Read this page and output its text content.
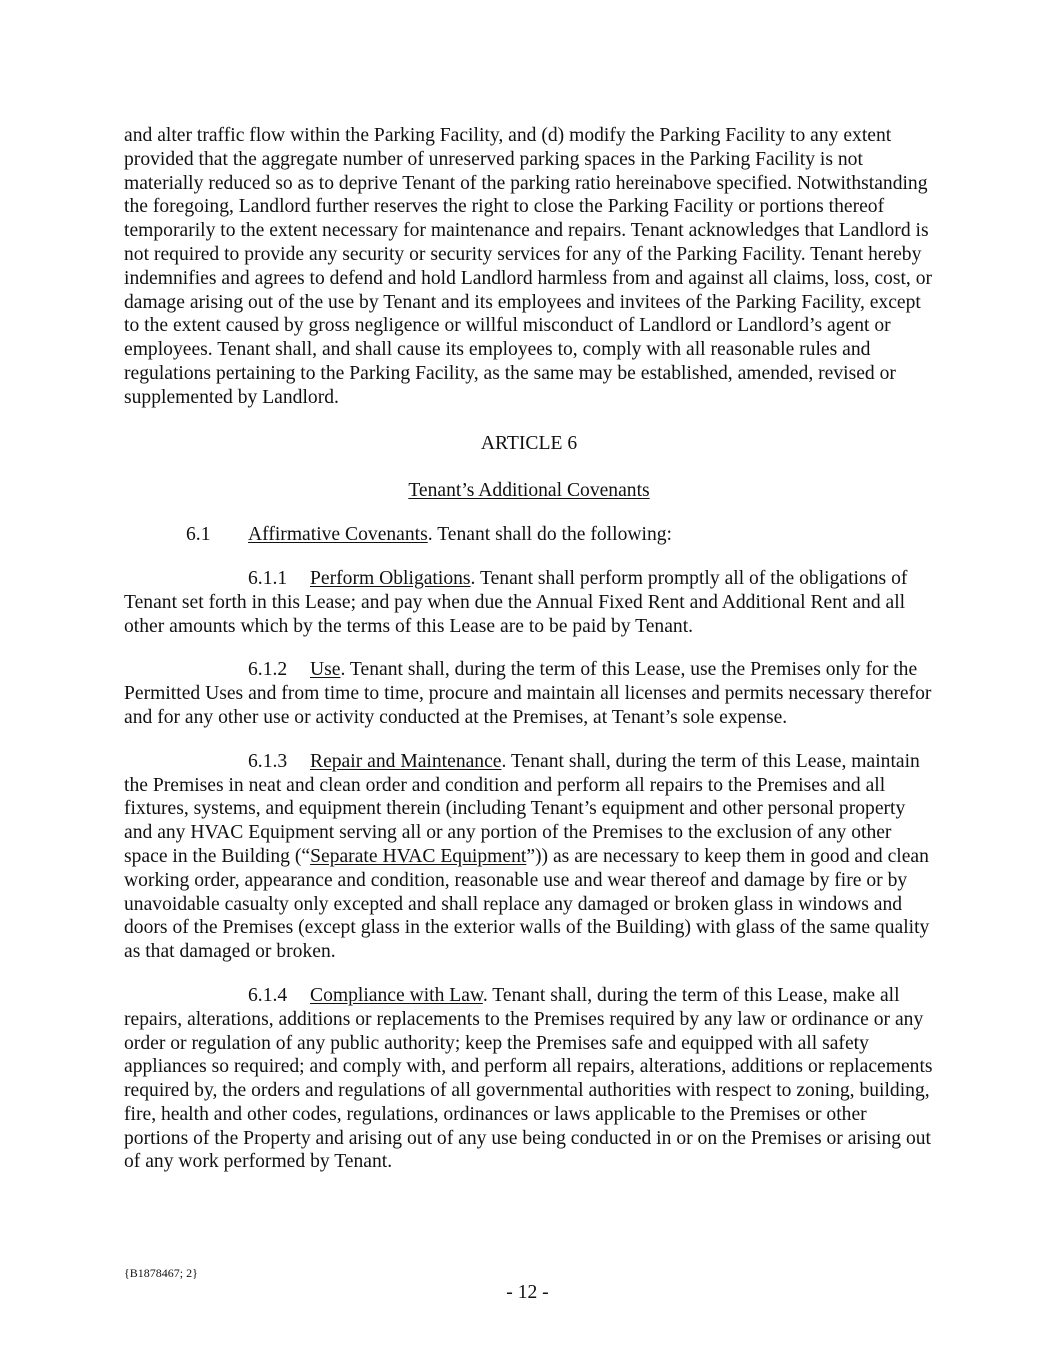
and alter traffic flow within the Parking Facility, and (d) modify the Parking Facility to any extent provided that the aggregate number of unreserved parking spaces in the Parking Facility is not materially reduced so as to deprive Tenant of the parking ratio hereinabove specified. Notwithstanding the foregoing, Landlord further reserves the right to close the Parking Facility or portions thereof temporarily to the extent necessary for maintenance and repairs. Tenant acknowledges that Landlord is not required to provide any security or security services for any of the Parking Facility. Tenant hereby indemnifies and agrees to defend and hold Landlord harmless from and against all claims, loss, cost, or damage arising out of the use by Tenant and its employees and invitees of the Parking Facility, except to the extent caused by gross negligence or willful misconduct of Landlord or Landlord’s agent or employees. Tenant shall, and shall cause its employees to, comply with all reasonable rules and regulations pertaining to the Parking Facility, as the same may be established, amended, revised or supplemented by Landlord.

ARTICLE 6

Tenant’s Additional Covenants

6.1 Affirmative Covenants. Tenant shall do the following:

6.1.1 Perform Obligations. Tenant shall perform promptly all of the obligations of Tenant set forth in this Lease; and pay when due the Annual Fixed Rent and Additional Rent and all other amounts which by the terms of this Lease are to be paid by Tenant.

6.1.2 Use. Tenant shall, during the term of this Lease, use the Premises only for the Permitted Uses and from time to time, procure and maintain all licenses and permits necessary therefor and for any other use or activity conducted at the Premises, at Tenant’s sole expense.

6.1.3 Repair and Maintenance. Tenant shall, during the term of this Lease, maintain the Premises in neat and clean order and condition and perform all repairs to the Premises and all fixtures, systems, and equipment therein (including Tenant’s equipment and other personal property and any HVAC Equipment serving all or any portion of the Premises to the exclusion of any other space in the Building (“Separate HVAC Equipment”)) as are necessary to keep them in good and clean working order, appearance and condition, reasonable use and wear thereof and damage by fire or by unavoidable casualty only excepted and shall replace any damaged or broken glass in windows and doors of the Premises (except glass in the exterior walls of the Building) with glass of the same quality as that damaged or broken.

6.1.4 Compliance with Law. Tenant shall, during the term of this Lease, make all repairs, alterations, additions or replacements to the Premises required by any law or ordinance or any order or regulation of any public authority; keep the Premises safe and equipped with all safety appliances so required; and comply with, and perform all repairs, alterations, additions or replacements required by, the orders and regulations of all governmental authorities with respect to zoning, building, fire, health and other codes, regulations, ordinances or laws applicable to the Premises or other portions of the Property and arising out of any use being conducted in or on the Premises or arising out of any work performed by Tenant.

{B1878467; 2}
- 12 -
